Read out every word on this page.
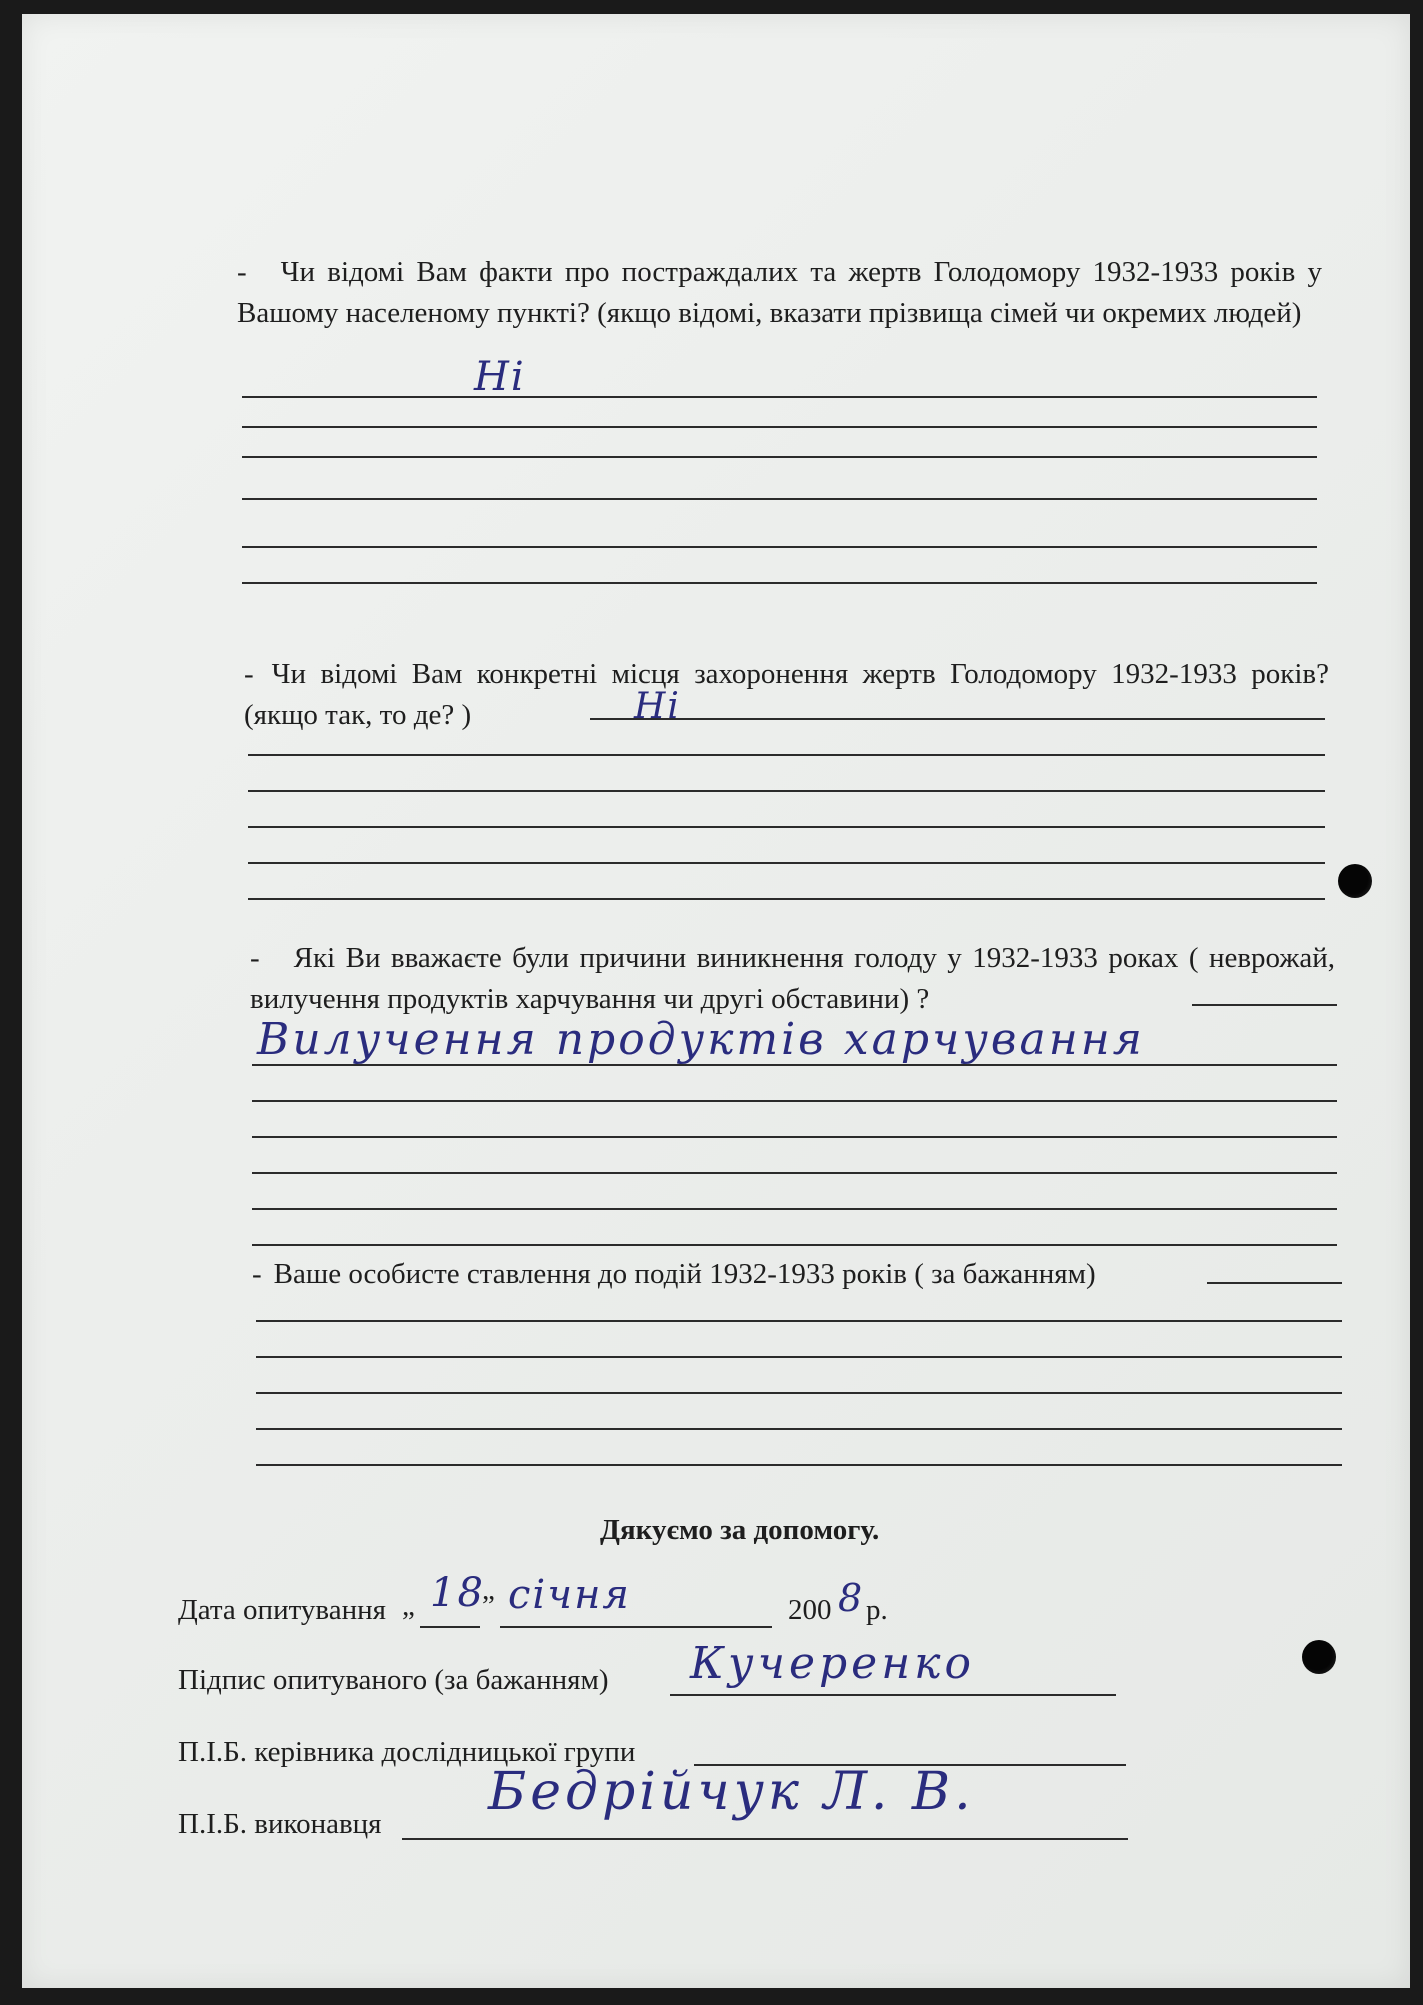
- Чи відомі Вам факти про постраждалих та жертв Голодомору 1932-1933 років у Вашому населеному пункті? (якщо відомі, вказати прізвища сімей чи окремих людей)
Ні
- Чи відомі Вам конкретні місця захоронення жертв Голодомору 1932-1933 років? (якщо так, то де? )	Ні
- Які Ви вважаєте були причини виникнення голоду у 1932-1933 роках ( неврожай, вилучення продуктів харчування чи другі обставини) ?
Вилучення продуктів харчування
- Ваше особисте ставлення до подій 1932-1933 років ( за бажанням)
Дякуємо за допомогу.
Дата опитування „ 18
” січня	200 8 р.
Підпис опитуваного (за бажанням) Кучеренко
П.І.Б. керівника дослідницької групи
П.І.Б. виконавця
Бедрійчук Л. В.
